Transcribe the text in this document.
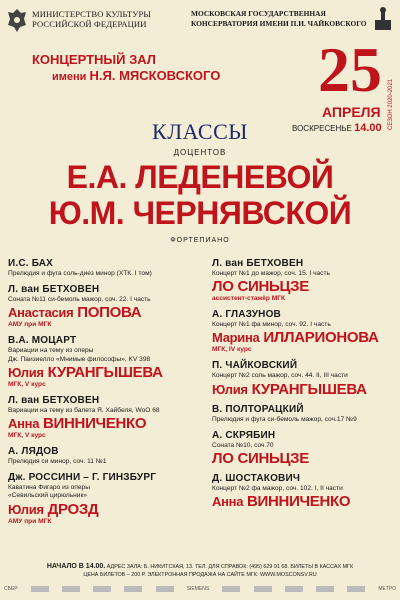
МИНИСТЕРСТВО КУЛЬТУРЫ
РОССИЙСКОЙ ФЕДЕРАЦИИ
МОСКОВСКАЯ ГОСУДАРСТВЕННАЯ
КОНСЕРВАТОРИЯ ИМЕНИ П.И. ЧАЙКОВСКОГО
КОНЦЕРТНЫЙ ЗАЛ
имени Н.Я. МЯСКОВСКОГО 25
АПРЕЛЯ
ВОСКРЕСЕНЬЕ 14.00 СЕЗОН 2020-2021
КЛАССЫ
ДОЦЕНТОВ
Е.А. ЛЕДЕНЕВОЙ
Ю.М. ЧЕРНЯВСКОЙ
ФОРТЕПИАНО
И.С. БАХ
Прелюдия и фуга соль-диез минор (ХТК. I том)
Л. ван БЕТХОВЕН
Соната №11 си-бемоль мажор, соч. 22. I часть
Анастасия ПОПОВА
АМУ при МГК
В.А. МОЦАРТ
Вариации на тему из оперы
Дж. Паизиелло «Мнимые философы», KV 398
Юлия КУРАНГЫШЕВА
МГК, V курс
Л. ван БЕТХОВЕН
Вариации на тему из балета Я. Хайбеля, WoO 68
Анна ВИННИЧЕНКО
МГК, V курс
А. ЛЯДОВ
Прелюдия си минор, соч. 11 №1
Дж. РОССИНИ – Г. ГИНЗБУРГ
Каватина Фигаро из оперы
«Севильский цирюльник»
Юлия ДРОЗД
АМУ при МГК
Л. ван БЕТХОВЕН
Концерт №1 до мажор, соч. 15. I часть
ЛО СИНЬЦЗЕ
ассистент-стажёр МГК
А. ГЛАЗУНОВ
Концерт №1 фа минор, соч. 92. I часть
Марина ИЛЛАРИОНОВА
МГК, IV курс
П. ЧАЙКОВСКИЙ
Концерт №2 соль мажор, соч. 44. II, III части
Юлия КУРАНГЫШЕВА
В. ПОЛТОРАЦКИЙ
Прелюдия и фуга си-бемоль мажор, соч.17 №9
А. СКРЯБИН
Соната №10, соч.70
ЛО СИНЬЦЗЕ
Д. ШОСТАКОВИЧ
Концерт №2 фа мажор, соч. 102. I, II части
Анна ВИННИЧЕНКО
НАЧАЛО В 14.00. АДРЕС ЗАЛА: Б. НИКИТСКАЯ, 13. ТЕЛ. ДЛЯ СПРАВОК: (495) 629 91 68. БИЛЕТЫ В КАССАХ МГК
ЦЕНА БИЛЕТОВ – 200 Р. ЭЛЕКТРОННАЯ ПРОДАЖА НА САЙТЕ МГК: WWW.MOSCONSV.RU
СБЕР	SIEMENS	МЕТРО
